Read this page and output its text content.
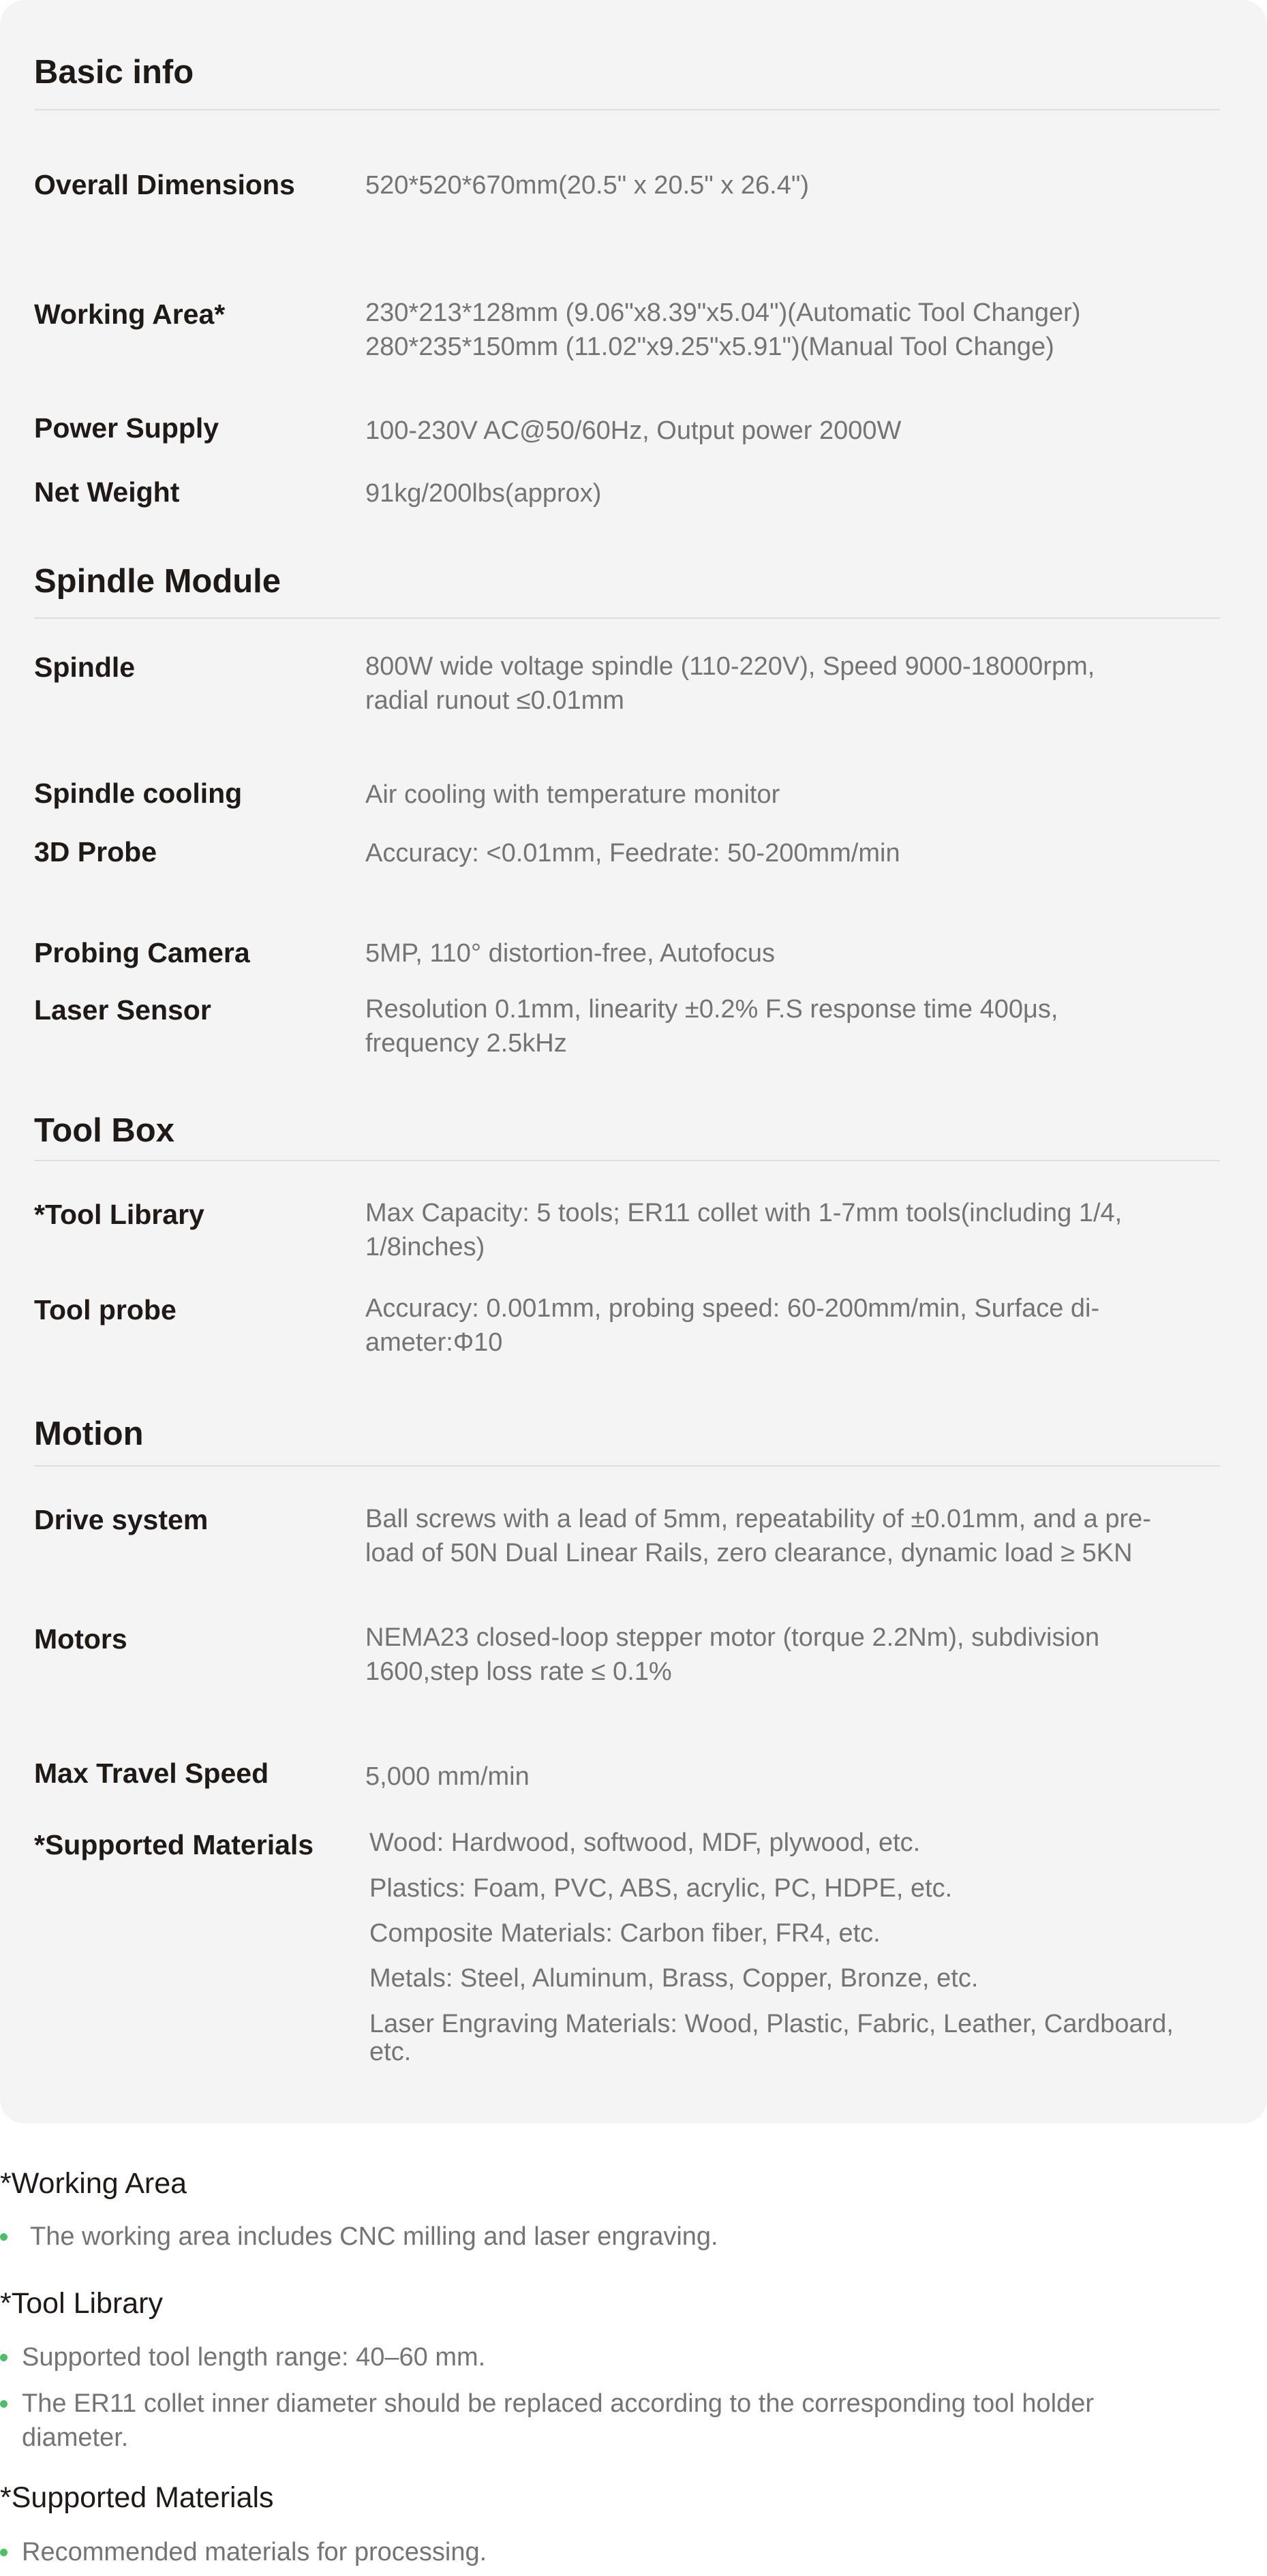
Basic info
Overall Dimensions	520*520*670mm(20.5" x 20.5" x 26.4")
Working Area*	230*213*128mm (9.06"x8.39"x5.04")(Automatic Tool Changer)
280*235*150mm (11.02"x9.25"x5.91")(Manual Tool Change)
Power Supply	100-230V AC@50/60Hz, Output power 2000W
Net Weight	91kg/200lbs(approx)
Spindle Module
Spindle	800W wide voltage spindle (110-220V), Speed 9000-18000rpm,
radial runout ≤0.01mm
Spindle cooling	Air cooling with temperature monitor
3D Probe	Accuracy: <0.01mm, Feedrate: 50-200mm/min
Probing Camera	5MP, 110° distortion-free, Autofocus
Laser Sensor	Resolution 0.1mm, linearity ±0.2% F.S response time 400μs,
frequency 2.5kHz
Tool Box
*Tool Library	Max Capacity: 5 tools; ER11 collet with 1-7mm tools(including 1/4,
1/8inches)
Tool probe	Accuracy: 0.001mm, probing speed: 60-200mm/min, Surface di-
ameter:Φ10
Motion
Drive system	Ball screws with a lead of 5mm, repeatability of ±0.01mm, and a pre-
load of 50N Dual Linear Rails, zero clearance, dynamic load ≥ 5KN
Motors	NEMA23 closed-loop stepper motor (torque 2.2Nm), subdivision
1600,step loss rate ≤ 0.1%
Max Travel Speed	5,000 mm/min
*Supported Materials	Wood: Hardwood, softwood, MDF, plywood, etc.
Plastics: Foam, PVC, ABS, acrylic, PC, HDPE, etc.
Composite Materials: Carbon fiber, FR4, etc.
Metals: Steel, Aluminum, Brass, Copper, Bronze, etc.
Laser Engraving Materials: Wood, Plastic, Fabric, Leather, Cardboard,
etc.
*Working Area
The working area includes CNC milling and laser engraving.
*Tool Library
Supported tool length range: 40–60 mm.
The ER11 collet inner diameter should be replaced according to the corresponding tool holder
diameter.
*Supported Materials
Recommended materials for processing.
